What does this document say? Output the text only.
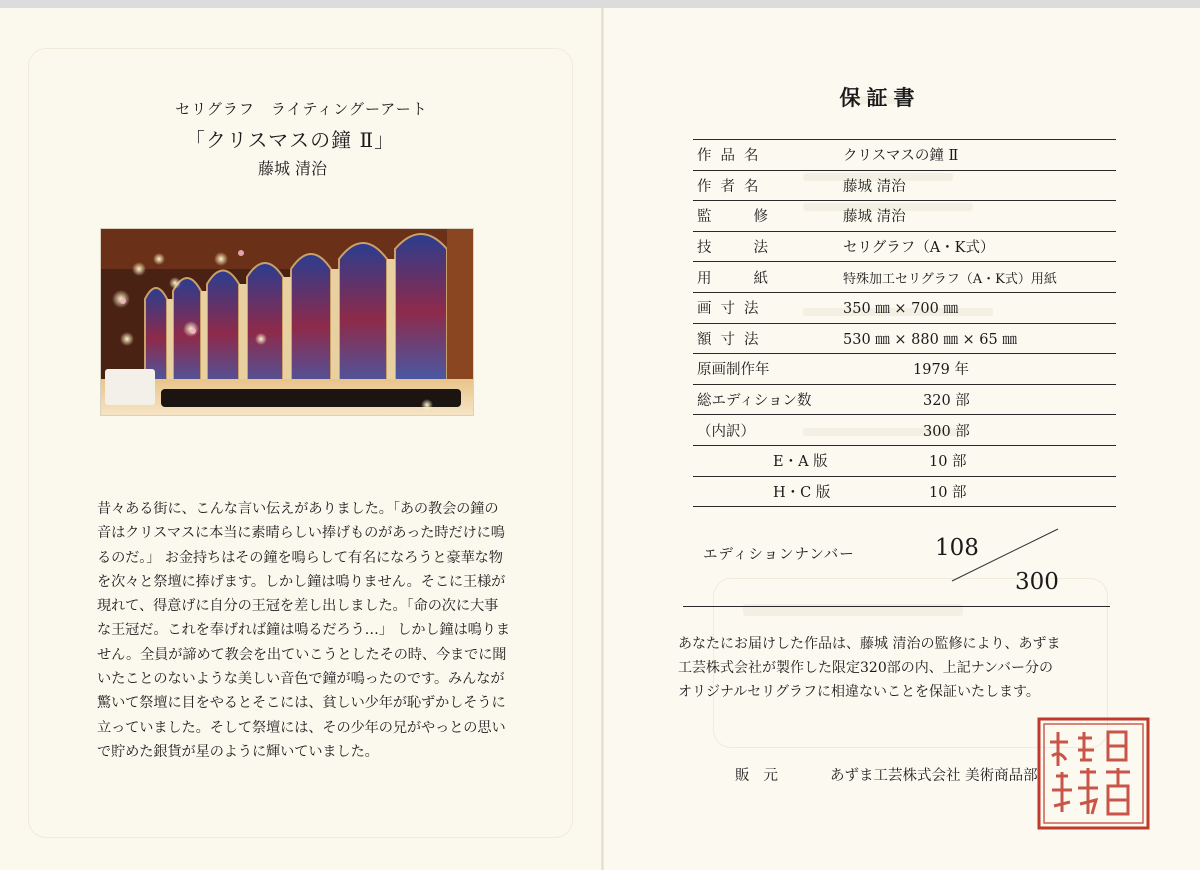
セリグラフ　ライティングーアート
「クリスマスの鐘 Ⅱ」
藤城 清治

昔々ある街に、こんな言い伝えがありました。「あの教会の鐘の

音はクリスマスに本当に素晴らしい捧げものがあった時だけに鳴

るのだ。」 お金持ちはその鐘を鳴らして有名になろうと豪華な物

を次々と祭壇に捧げます。しかし鐘は鳴りません。そこに王様が

現れて、得意げに自分の王冠を差し出しました。「命の次に大事

な王冠だ。これを奉げれば鐘は鳴るだろう…」 しかし鐘は鳴りま

せん。全員が諦めて教会を出ていこうとしたその時、今までに聞

いたことのないような美しい音色で鐘が鳴ったのです。みんなが

驚いて祭壇に目をやるとそこには、貧しい少年が恥ずかしそうに

立っていました。そして祭壇には、その少年の兄がやっとの思い

で貯めた銀貨が星のように輝いていました。

保証書
作品名	クリスマスの鐘 Ⅱ
作者名	藤城 清治
監修	藤城 清治
技法	セリグラフ（A・K式）
用紙	特殊加工セリグラフ（A・K式）用紙
画寸法	350 ㎜ × 700 ㎜
額寸法	530 ㎜ × 880 ㎜ × 65 ㎜
原画制作年	1979 年
総エディション数	320 部
（内訳）	300 部
E・A 版	10 部
H・C 版	10 部
エディションナンバー	108
300

あなたにお届けした作品は、藤城 清治の監修により、あずま

工芸株式会社が製作した限定320部の内、上記ナンバー分の

オリジナルセリグラフに相違ないことを保証いたします。

販元	あずま工芸株式会社 美術商品部
